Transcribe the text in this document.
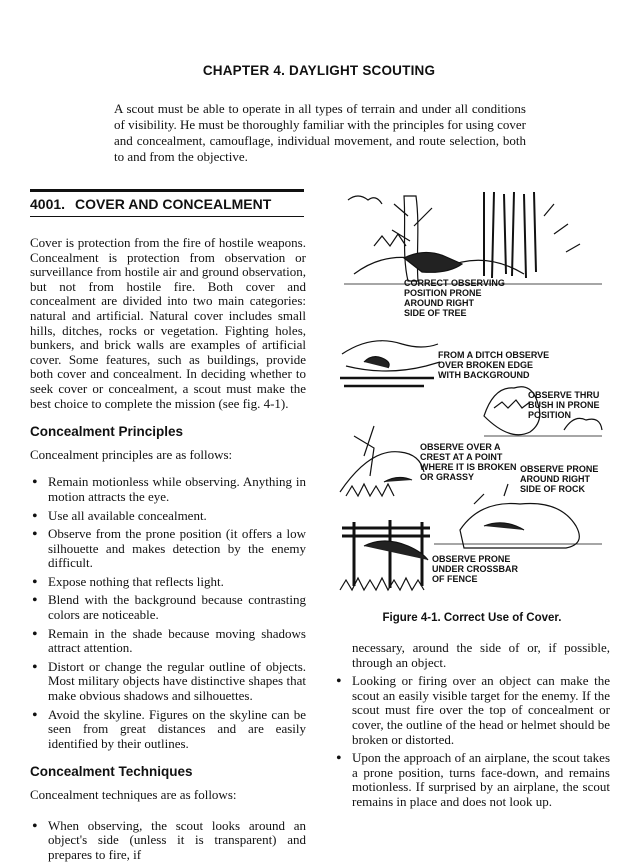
CHAPTER 4. DAYLIGHT SCOUTING
A scout must be able to operate in all types of terrain and under all conditions of visibility. He must be thoroughly familiar with the principles for using cover and concealment, camouflage, individual movement, and route selection, both to and from the objective.
4001. COVER AND CONCEALMENT

Cover is protection from the fire of hostile weapons. Concealment is protection from observation or surveillance from hostile air and ground observation, but not from hostile fire. Both cover and concealment are divided into two main categories: natural and artificial. Natural cover includes small hills, ditches, rocks or vegetation. Fighting holes, bunkers, and brick walls are examples of artificial cover. Some features, such as buildings, provide both cover and concealment. In deciding whether to seek cover or concealment, a scout must make the best choice to complete the mission (see fig. 4-1).

Concealment Principles

Concealment principles are as follows:

• Remain motionless while observing. Anything in motion attracts the eye.
• Use all available concealment.
• Observe from the prone position (it offers a low silhouette and makes detection by the enemy difficult.
• Expose nothing that reflects light.
• Blend with the background because contrasting colors are noticeable.
• Remain in the shade because moving shadows attract attention.
• Distort or change the regular outline of objects. Most military objects have distinctive shapes that make obvious shadows and silhouettes.
• Avoid the skyline. Figures on the skyline can be seen from great distances and are easily identified by their outlines.
Concealment Techniques

Concealment techniques are as follows:

• When observing, the scout looks around an object's side (unless it is transparent) and prepares to fire, if
CORRECT OBSERVING
POSITION PRONE
AROUND RIGHT
SIDE OF TREE
FROM A DITCH OBSERVE
OVER BROKEN EDGE
WITH BACKGROUND
OBSERVE THRU
BUSH IN PRONE
POSITION
OBSERVE OVER A
CREST AT A POINT
WHERE IT IS BROKEN
OR GRASSY
OBSERVE PRONE
AROUND RIGHT
SIDE OF ROCK
OBSERVE PRONE
UNDER CROSSBAR
OF FENCE
Figure 4-1. Correct Use of Cover.

necessary, around the side of or, if possible, through an object.

• Looking or firing over an object can make the scout an easily visible target for the enemy. If the scout must fire over the top of concealment or cover, the outline of the head or helmet should be broken or distorted.
• Upon the approach of an airplane, the scout takes a prone position, turns face-down, and remains motionless. If surprised by an airplane, the scout remains in place and does not look up.
